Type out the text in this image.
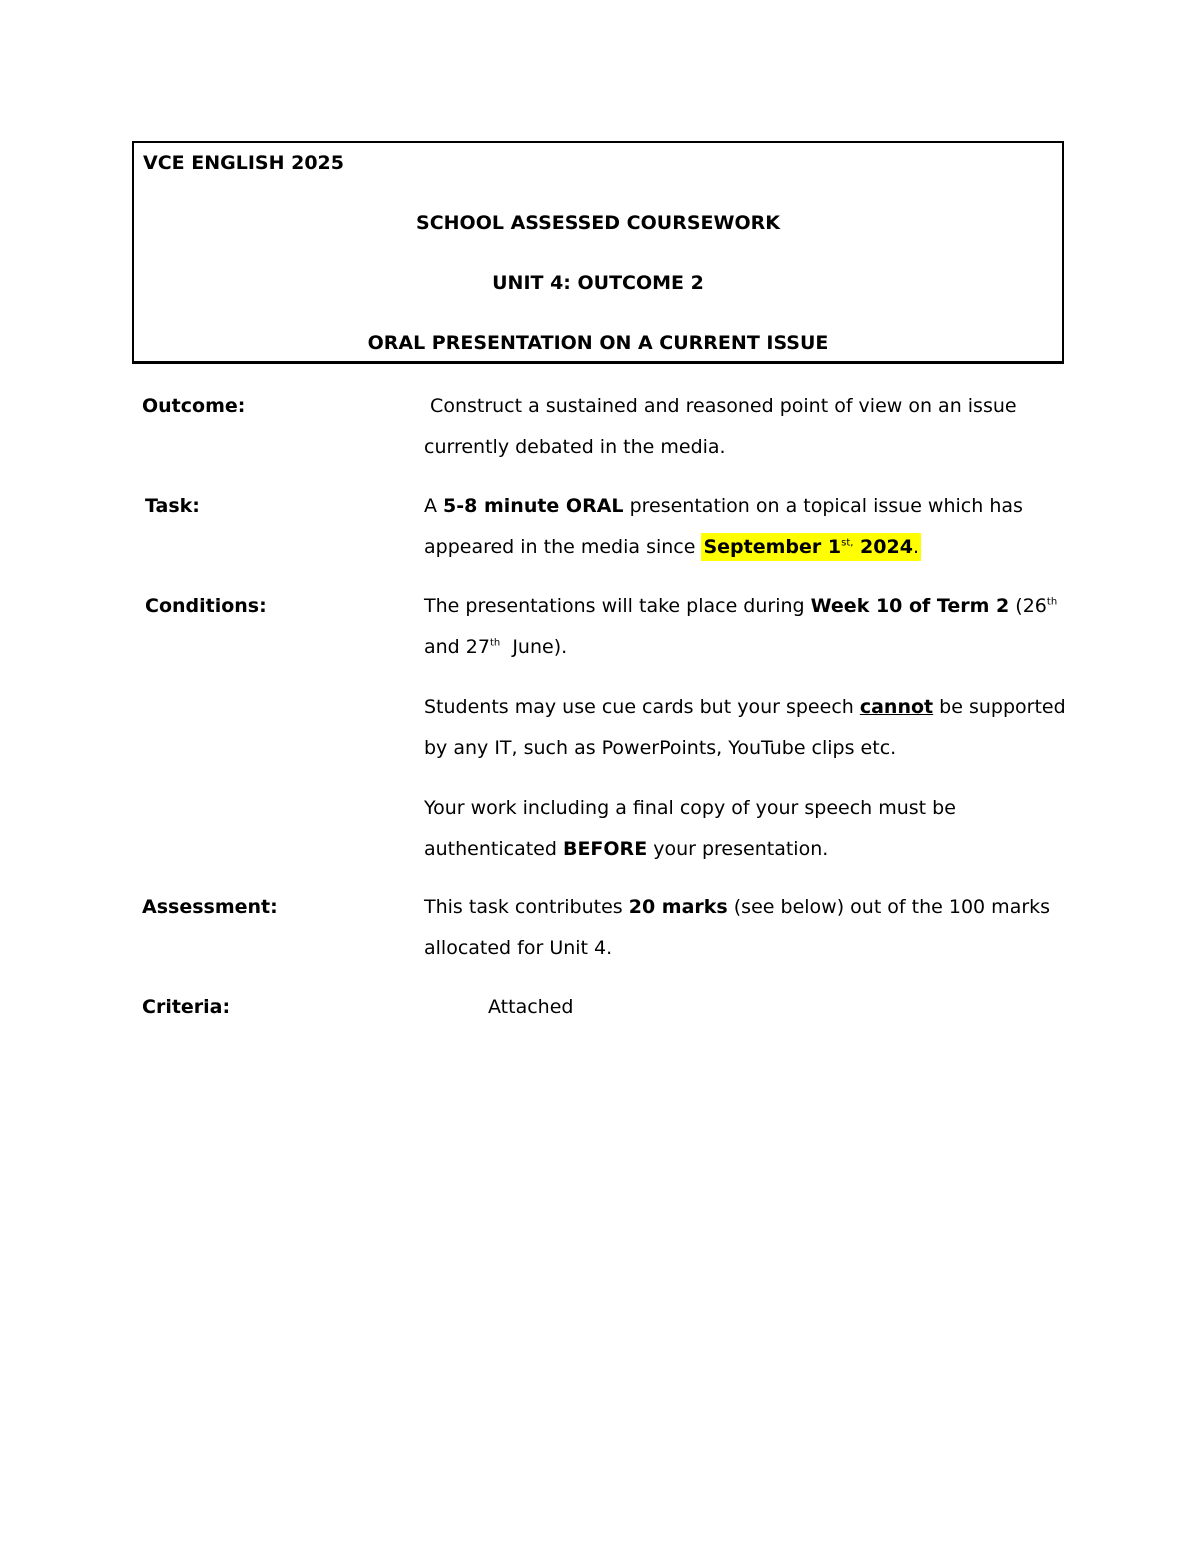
VCE ENGLISH 2025
SCHOOL ASSESSED COURSEWORK
UNIT 4: OUTCOME 2
ORAL PRESENTATION ON A CURRENT ISSUE
Outcome:	Construct a sustained and reasoned point of view on an issue currently debated in the media.

Task:	A 5-8 minute ORAL presentation on a topical issue which has appeared in the media since September $1^{st,}$ 2024.

Conditions:	The presentations will take place during Week 10 of Term 2 (26th and 27th  June).

Students may use cue cards but your speech cannot be supported by any IT, such as PowerPoints, YouTube clips etc.

Your work including a final copy of your speech must be authenticated BEFORE your presentation.

Assessment:	This task contributes 20 marks (see below) out of the 100 marks allocated for Unit 4.

Criteria:	Attached
